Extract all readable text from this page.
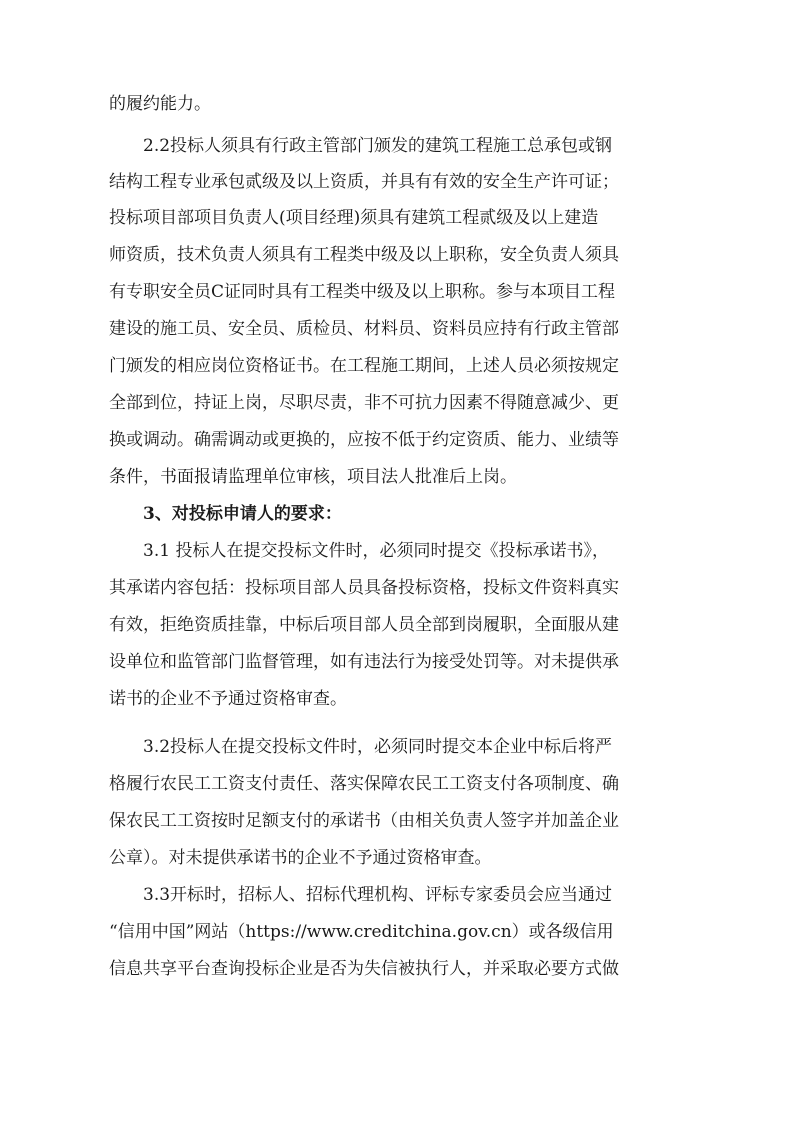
的履约能力。
2.2投标人须具有行政主管部门颁发的建筑工程施工总承包或钢
结构工程专业承包贰级及以上资质，并具有有效的安全生产许可证；
投标项目部项目负责人(项目经理)须具有建筑工程贰级及以上建造
师资质，技术负责人须具有工程类中级及以上职称，安全负责人须具
有专职安全员C证同时具有工程类中级及以上职称。参与本项目工程
建设的施工员、安全员、质检员、材料员、资料员应持有行政主管部
门颁发的相应岗位资格证书。在工程施工期间，上述人员必须按规定
全部到位，持证上岗，尽职尽责，非不可抗力因素不得随意减少、更
换或调动。确需调动或更换的，应按不低于约定资质、能力、业绩等
条件，书面报请监理单位审核，项目法人批准后上岗。
3、对投标申请人的要求：
3.1 投标人在提交投标文件时，必须同时提交《投标承诺书》，
其承诺内容包括：投标项目部人员具备投标资格，投标文件资料真实
有效，拒绝资质挂靠，中标后项目部人员全部到岗履职，全面服从建
设单位和监管部门监督管理，如有违法行为接受处罚等。对未提供承
诺书的企业不予通过资格审查。
3.2投标人在提交投标文件时，必须同时提交本企业中标后将严
格履行农民工工资支付责任、落实保障农民工工资支付各项制度、确
保农民工工资按时足额支付的承诺书（由相关负责人签字并加盖企业
公章）。对未提供承诺书的企业不予通过资格审查。
3.3开标时，招标人、招标代理机构、评标专家委员会应当通过
“信用中国”网站（https://www.creditchina.gov.cn）或各级信用
信息共享平台查询投标企业是否为失信被执行人，并采取必要方式做
